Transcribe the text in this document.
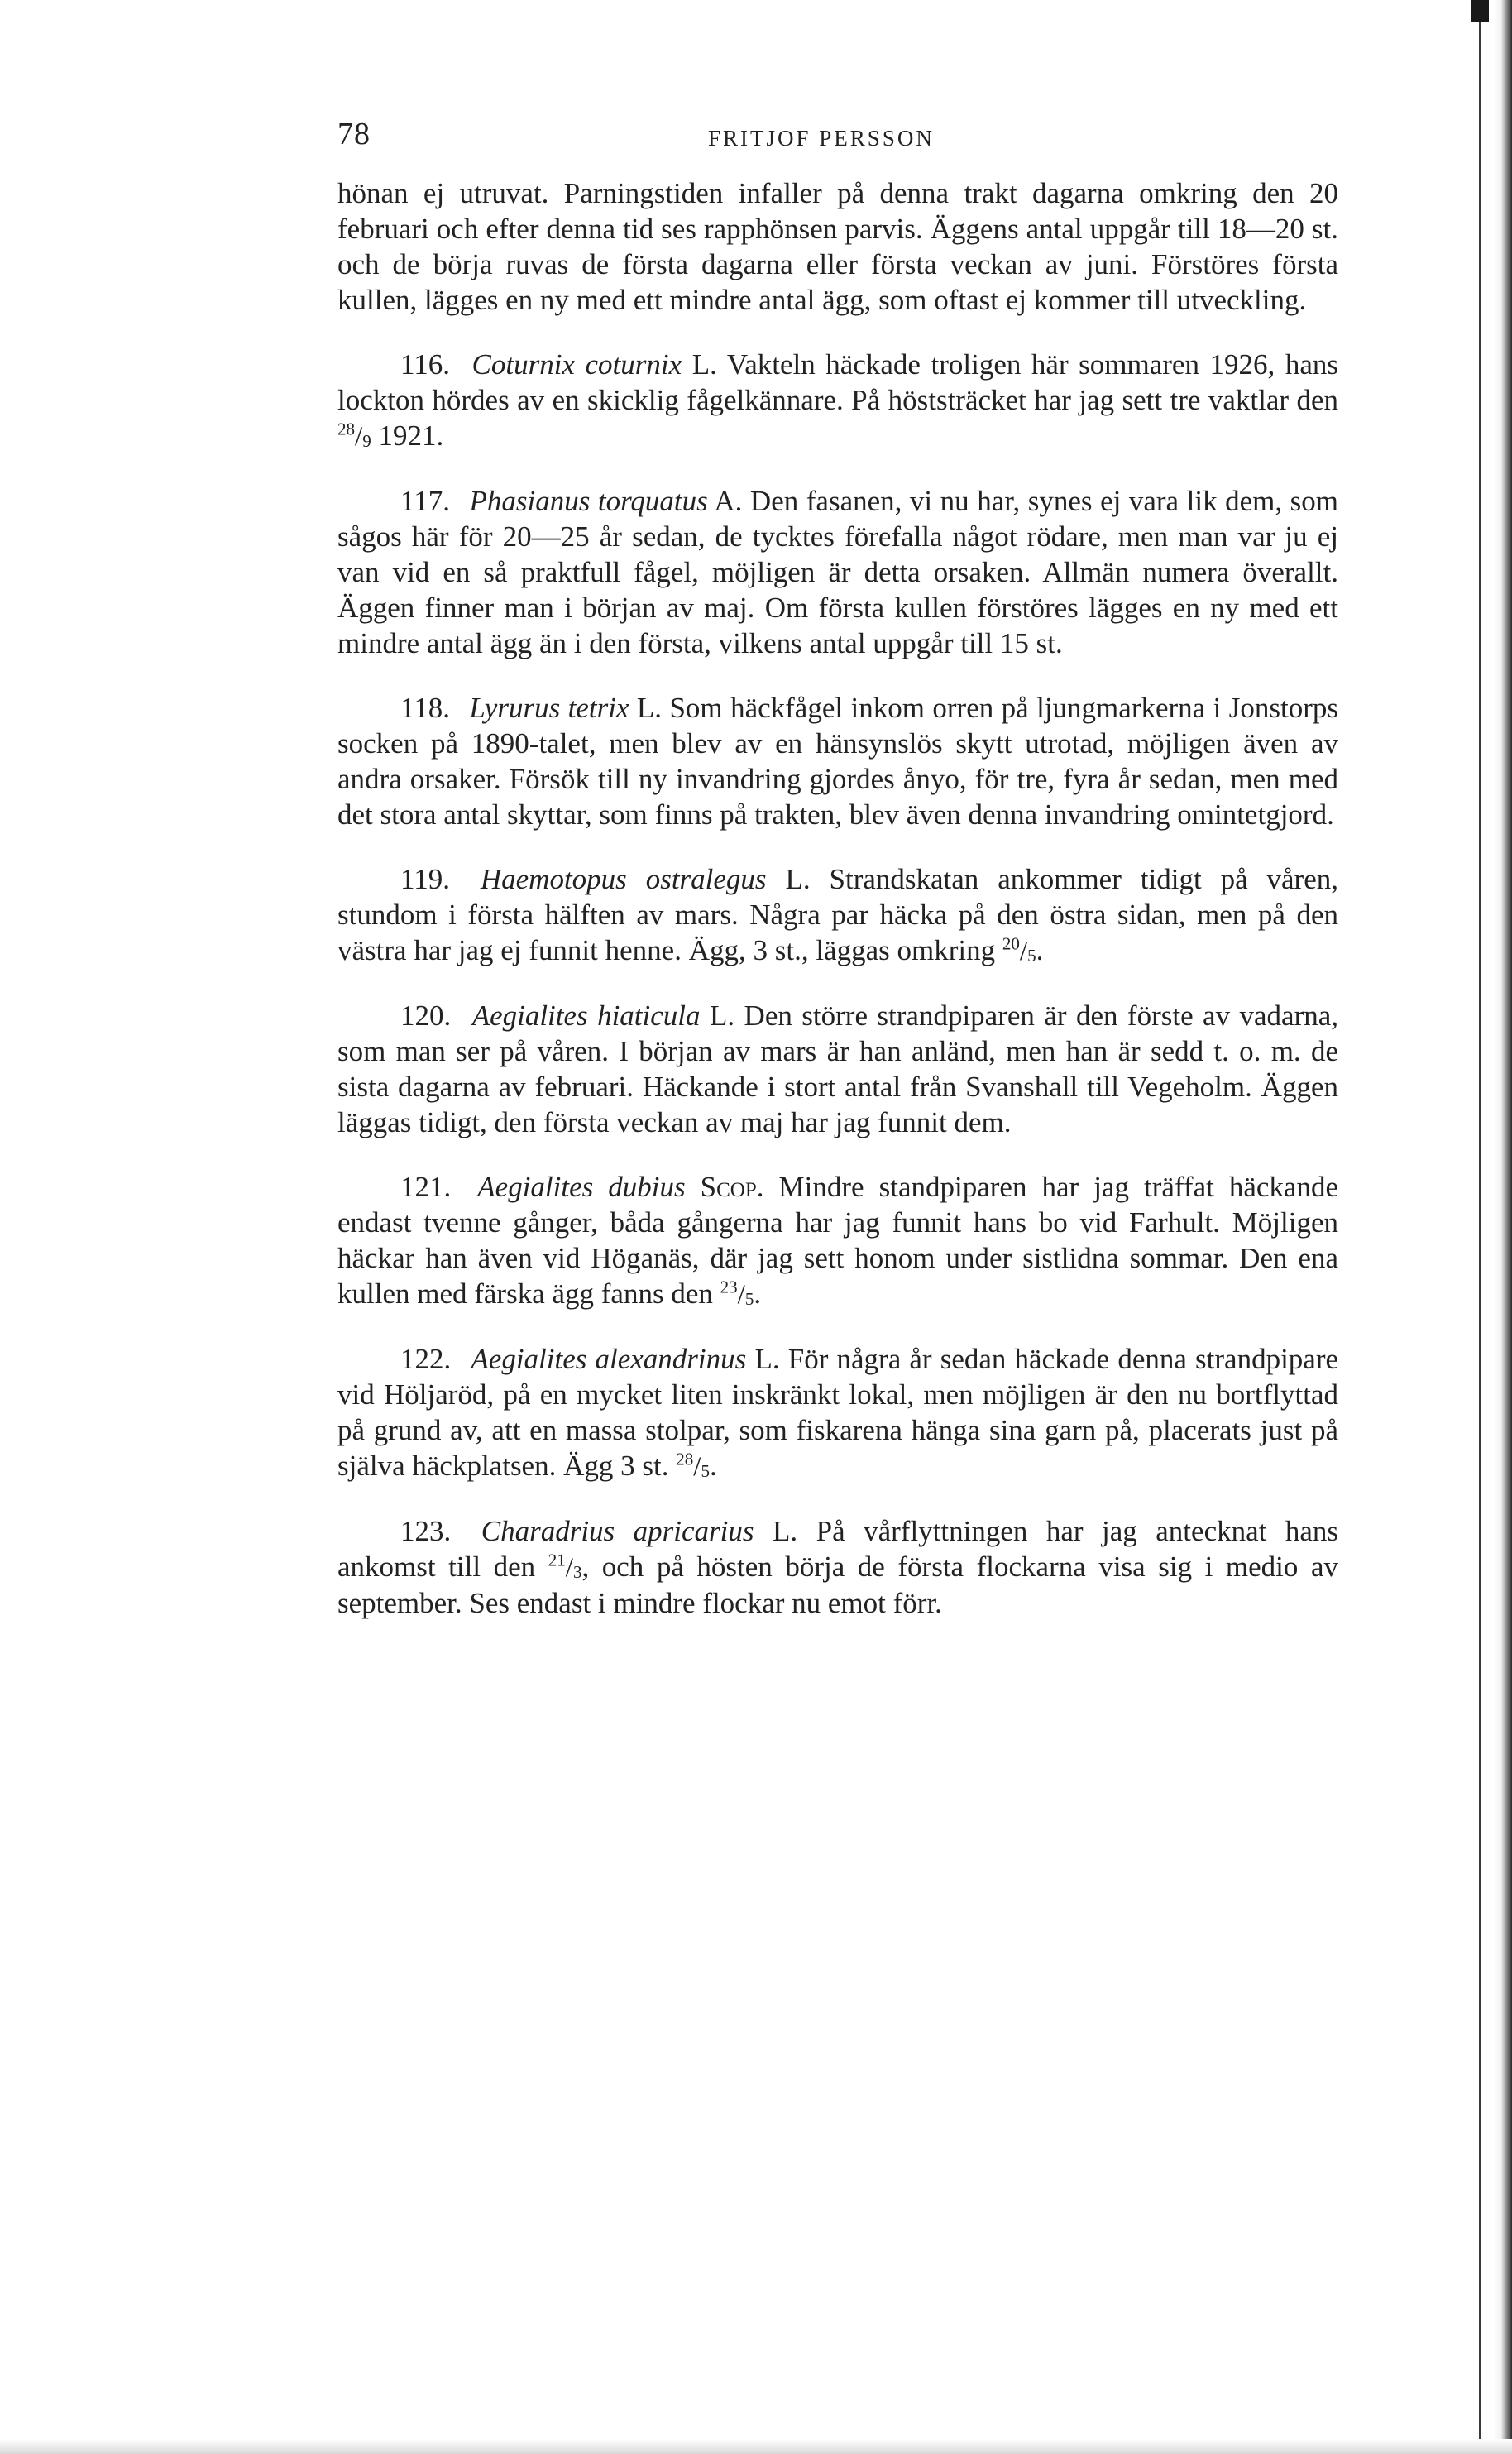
78	FRITJOF PERSSON

hönan ej utruvat. Parningstiden infaller på denna trakt dagarna omkring den 20 februari och efter denna tid ses rapphönsen parvis. Äggens antal uppgår till 18—20 st. och de börja ruvas de första dagarna eller första veckan av juni. Förstöres första kullen, lägges en ny med ett mindre antal ägg, som oftast ej kommer till utveckling.

116. Coturnix coturnix L. Vakteln häckade troligen här sommaren 1926, hans lockton hördes av en skicklig fågelkännare. På höststräcket har jag sett tre vaktlar den $^{28}/_9$ 1921.

117. Phasianus torquatus A. Den fasanen, vi nu har, synes ej vara lik dem, som sågos här för 20—25 år sedan, de tycktes förefalla något rödare, men man var ju ej van vid en så praktfull fågel, möjligen är detta orsaken. Allmän numera överallt. Äggen finner man i början av maj. Om första kullen förstöres lägges en ny med ett mindre antal ägg än i den första, vilkens antal uppgår till 15 st.

118. Lyrurus tetrix L. Som häckfågel inkom orren på ljungmarkerna i Jonstorps socken på 1890-talet, men blev av en hänsynslös skytt utrotad, möjligen även av andra orsaker. Försök till ny invandring gjordes ånyo, för tre, fyra år sedan, men med det stora antal skyttar, som finns på trakten, blev även denna invandring omintetgjord.

119. Haemotopus ostralegus L. Strandskatan ankommer tidigt på våren, stundom i första hälften av mars. Några par häcka på den östra sidan, men på den västra har jag ej funnit henne. Ägg, 3 st., läggas omkring $^{20}/_5$.

120. Aegialites hiaticula L. Den större strandpiparen är den förste av vadarna, som man ser på våren. I början av mars är han anländ, men han är sedd t. o. m. de sista dagarna av februari. Häckande i stort antal från Svanshall till Vegeholm. Äggen läggas tidigt, den första veckan av maj har jag funnit dem.

121. Aegialites dubius Scop. Mindre standpiparen har jag träffat häckande endast tvenne gånger, båda gångerna har jag funnit hans bo vid Farhult. Möjligen häckar han även vid Höganäs, där jag sett honom under sistlidna sommar. Den ena kullen med färska ägg fanns den $^{23}/_5$.

122. Aegialites alexandrinus L. För några år sedan häckade denna strandpipare vid Höljaröd, på en mycket liten inskränkt lokal, men möjligen är den nu bortflyttad på grund av, att en massa stolpar, som fiskarena hänga sina garn på, placerats just på själva häckplatsen. Ägg 3 st. $^{28}/_5$.

123. Charadrius apricarius L. På vårflyttningen har jag antecknat hans ankomst till den $^{21}/_3$, och på hösten börja de första flockarna visa sig i medio av september. Ses endast i mindre flockar nu emot förr.
